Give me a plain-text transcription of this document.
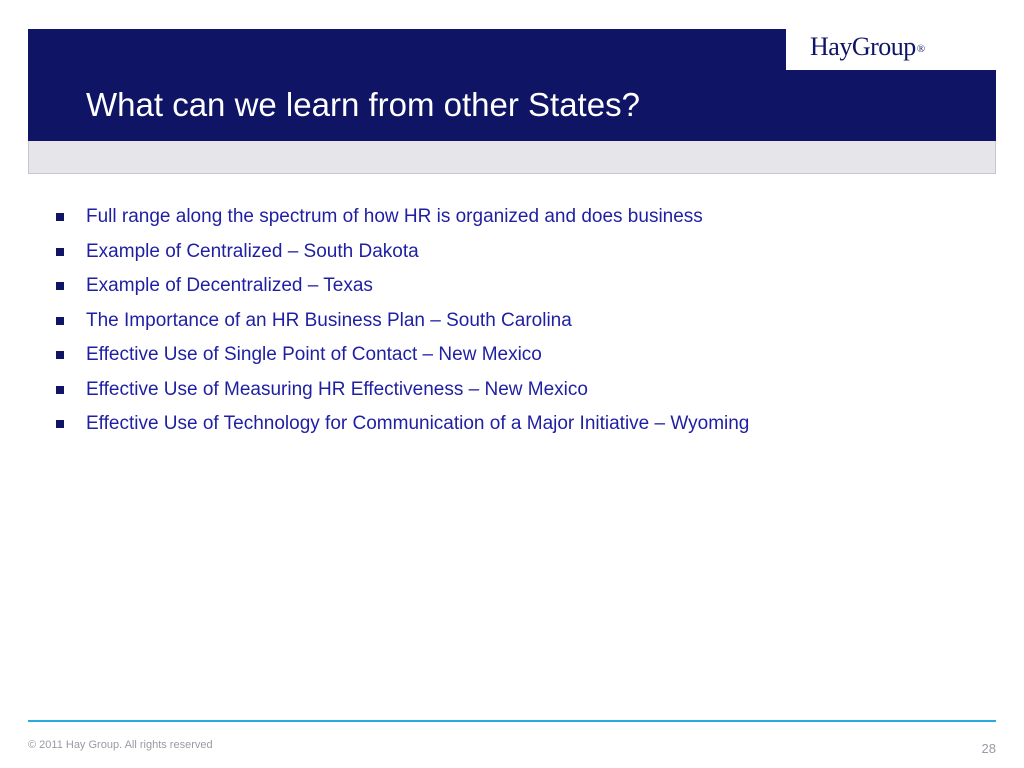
HayGroup®
What can we learn from other States?
Full range along the spectrum of how HR is organized and does business
Example of Centralized – South Dakota
Example of Decentralized – Texas
The Importance of an HR Business Plan – South Carolina
Effective Use of Single Point of Contact – New Mexico
Effective Use of Measuring HR Effectiveness – New Mexico
Effective Use of Technology for Communication of a Major Initiative – Wyoming
© 2011 Hay Group. All rights reserved	28
